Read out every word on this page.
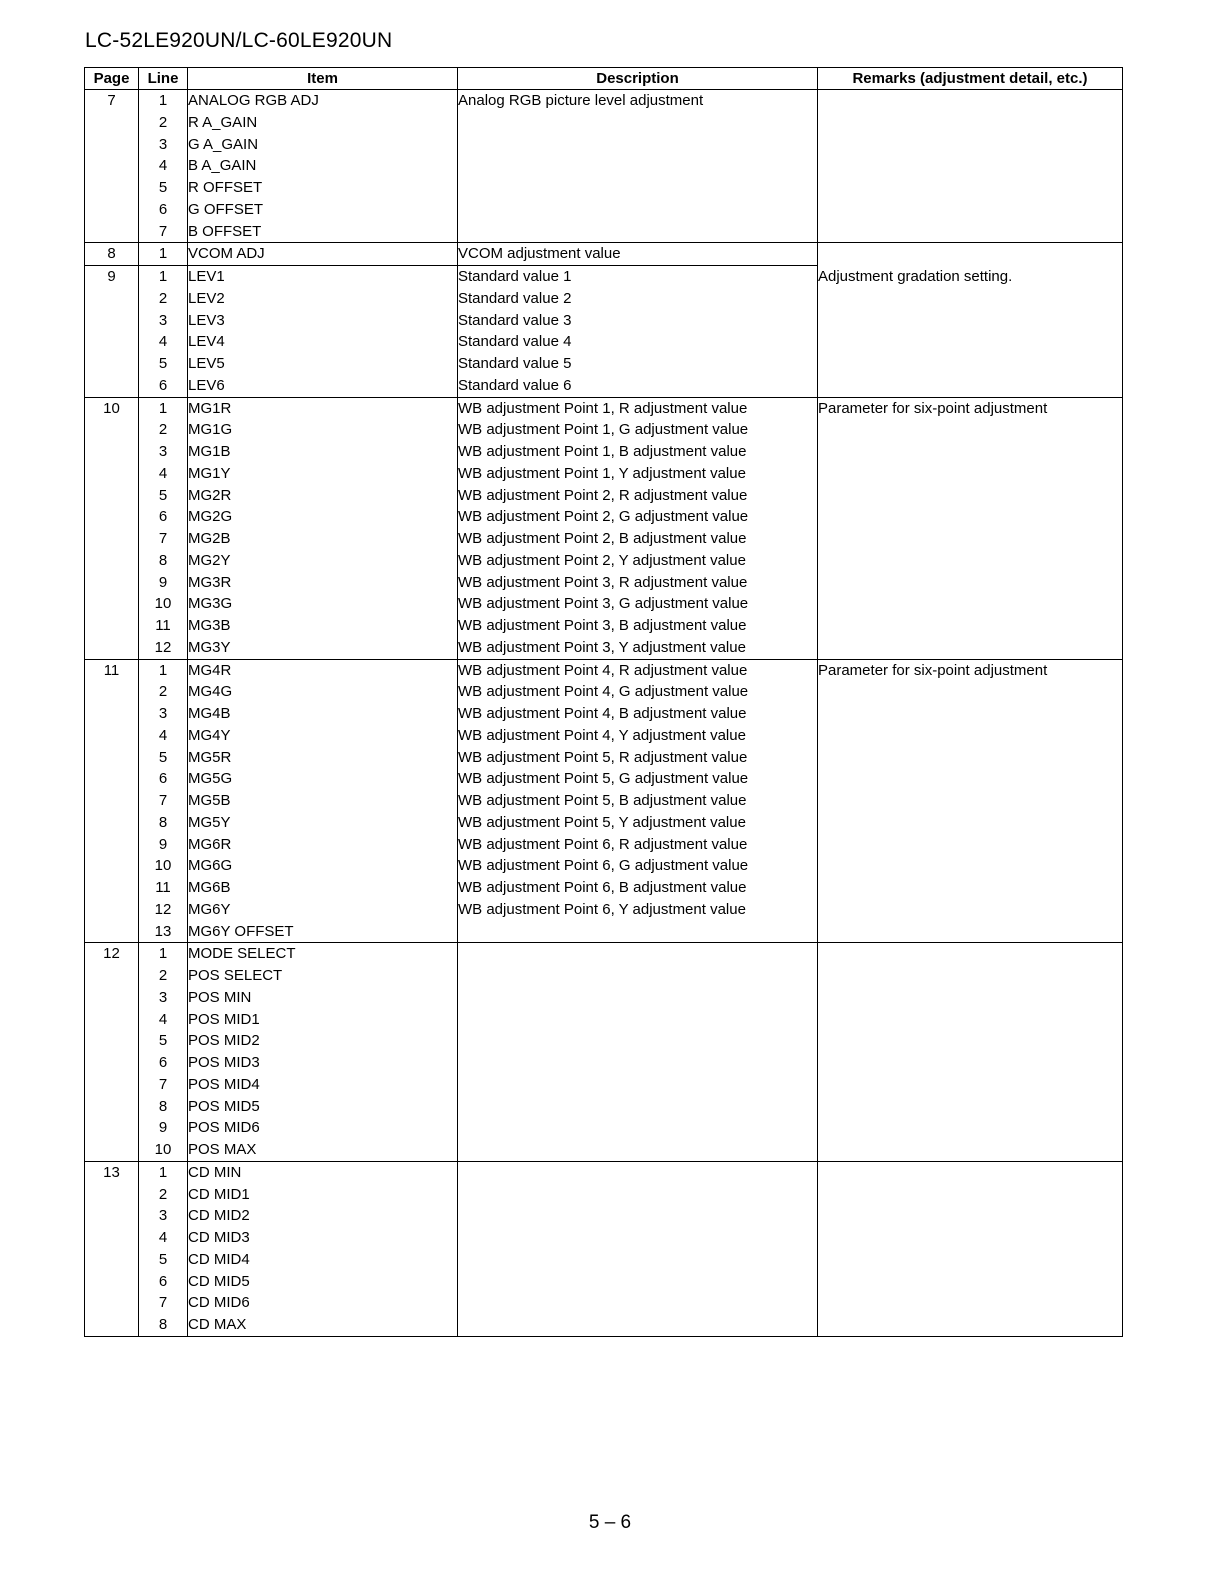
LC-52LE920UN/LC-60LE920UN
Page	Line	Item	Description	Remarks (adjustment detail, etc.)
7	1	ANALOG RGB ADJ	Analog RGB picture level adjustment	
	2	R A_GAIN		
	3	G A_GAIN		
	4	B A_GAIN		
	5	R OFFSET		
	6	G OFFSET		
	7	B OFFSET		
8	1	VCOM ADJ	VCOM adjustment value	
9	1	LEV1	Standard value 1	Adjustment gradation setting.
	2	LEV2	Standard value 2	
	3	LEV3	Standard value 3	
	4	LEV4	Standard value 4	
	5	LEV5	Standard value 5	
	6	LEV6	Standard value 6	
10	1	MG1R	WB adjustment Point 1, R adjustment value	Parameter for six-point adjustment
	2	MG1G	WB adjustment Point 1, G adjustment value	
	3	MG1B	WB adjustment Point 1, B adjustment value	
	4	MG1Y	WB adjustment Point 1, Y adjustment value	
	5	MG2R	WB adjustment Point 2, R adjustment value	
	6	MG2G	WB adjustment Point 2, G adjustment value	
	7	MG2B	WB adjustment Point 2, B adjustment value	
	8	MG2Y	WB adjustment Point 2, Y adjustment value	
	9	MG3R	WB adjustment Point 3, R adjustment value	
	10	MG3G	WB adjustment Point 3, G adjustment value	
	11	MG3B	WB adjustment Point 3, B adjustment value	
	12	MG3Y	WB adjustment Point 3, Y adjustment value	
11	1	MG4R	WB adjustment Point 4, R adjustment value	Parameter for six-point adjustment
	2	MG4G	WB adjustment Point 4, G adjustment value	
	3	MG4B	WB adjustment Point 4, B adjustment value	
	4	MG4Y	WB adjustment Point 4, Y adjustment value	
	5	MG5R	WB adjustment Point 5, R adjustment value	
	6	MG5G	WB adjustment Point 5, G adjustment value	
	7	MG5B	WB adjustment Point 5, B adjustment value	
	8	MG5Y	WB adjustment Point 5, Y adjustment value	
	9	MG6R	WB adjustment Point 6, R adjustment value	
	10	MG6G	WB adjustment Point 6, G adjustment value	
	11	MG6B	WB adjustment Point 6, B adjustment value	
	12	MG6Y	WB adjustment Point 6, Y adjustment value	
	13	MG6Y OFFSET		
12	1	MODE SELECT		
	2	POS SELECT		
	3	POS MIN		
	4	POS MID1		
	5	POS MID2		
	6	POS MID3		
	7	POS MID4		
	8	POS MID5		
	9	POS MID6		
	10	POS MAX		
13	1	CD MIN		
	2	CD MID1		
	3	CD MID2		
	4	CD MID3		
	5	CD MID4		
	6	CD MID5		
	7	CD MID6		
	8	CD MAX		
5 – 6
